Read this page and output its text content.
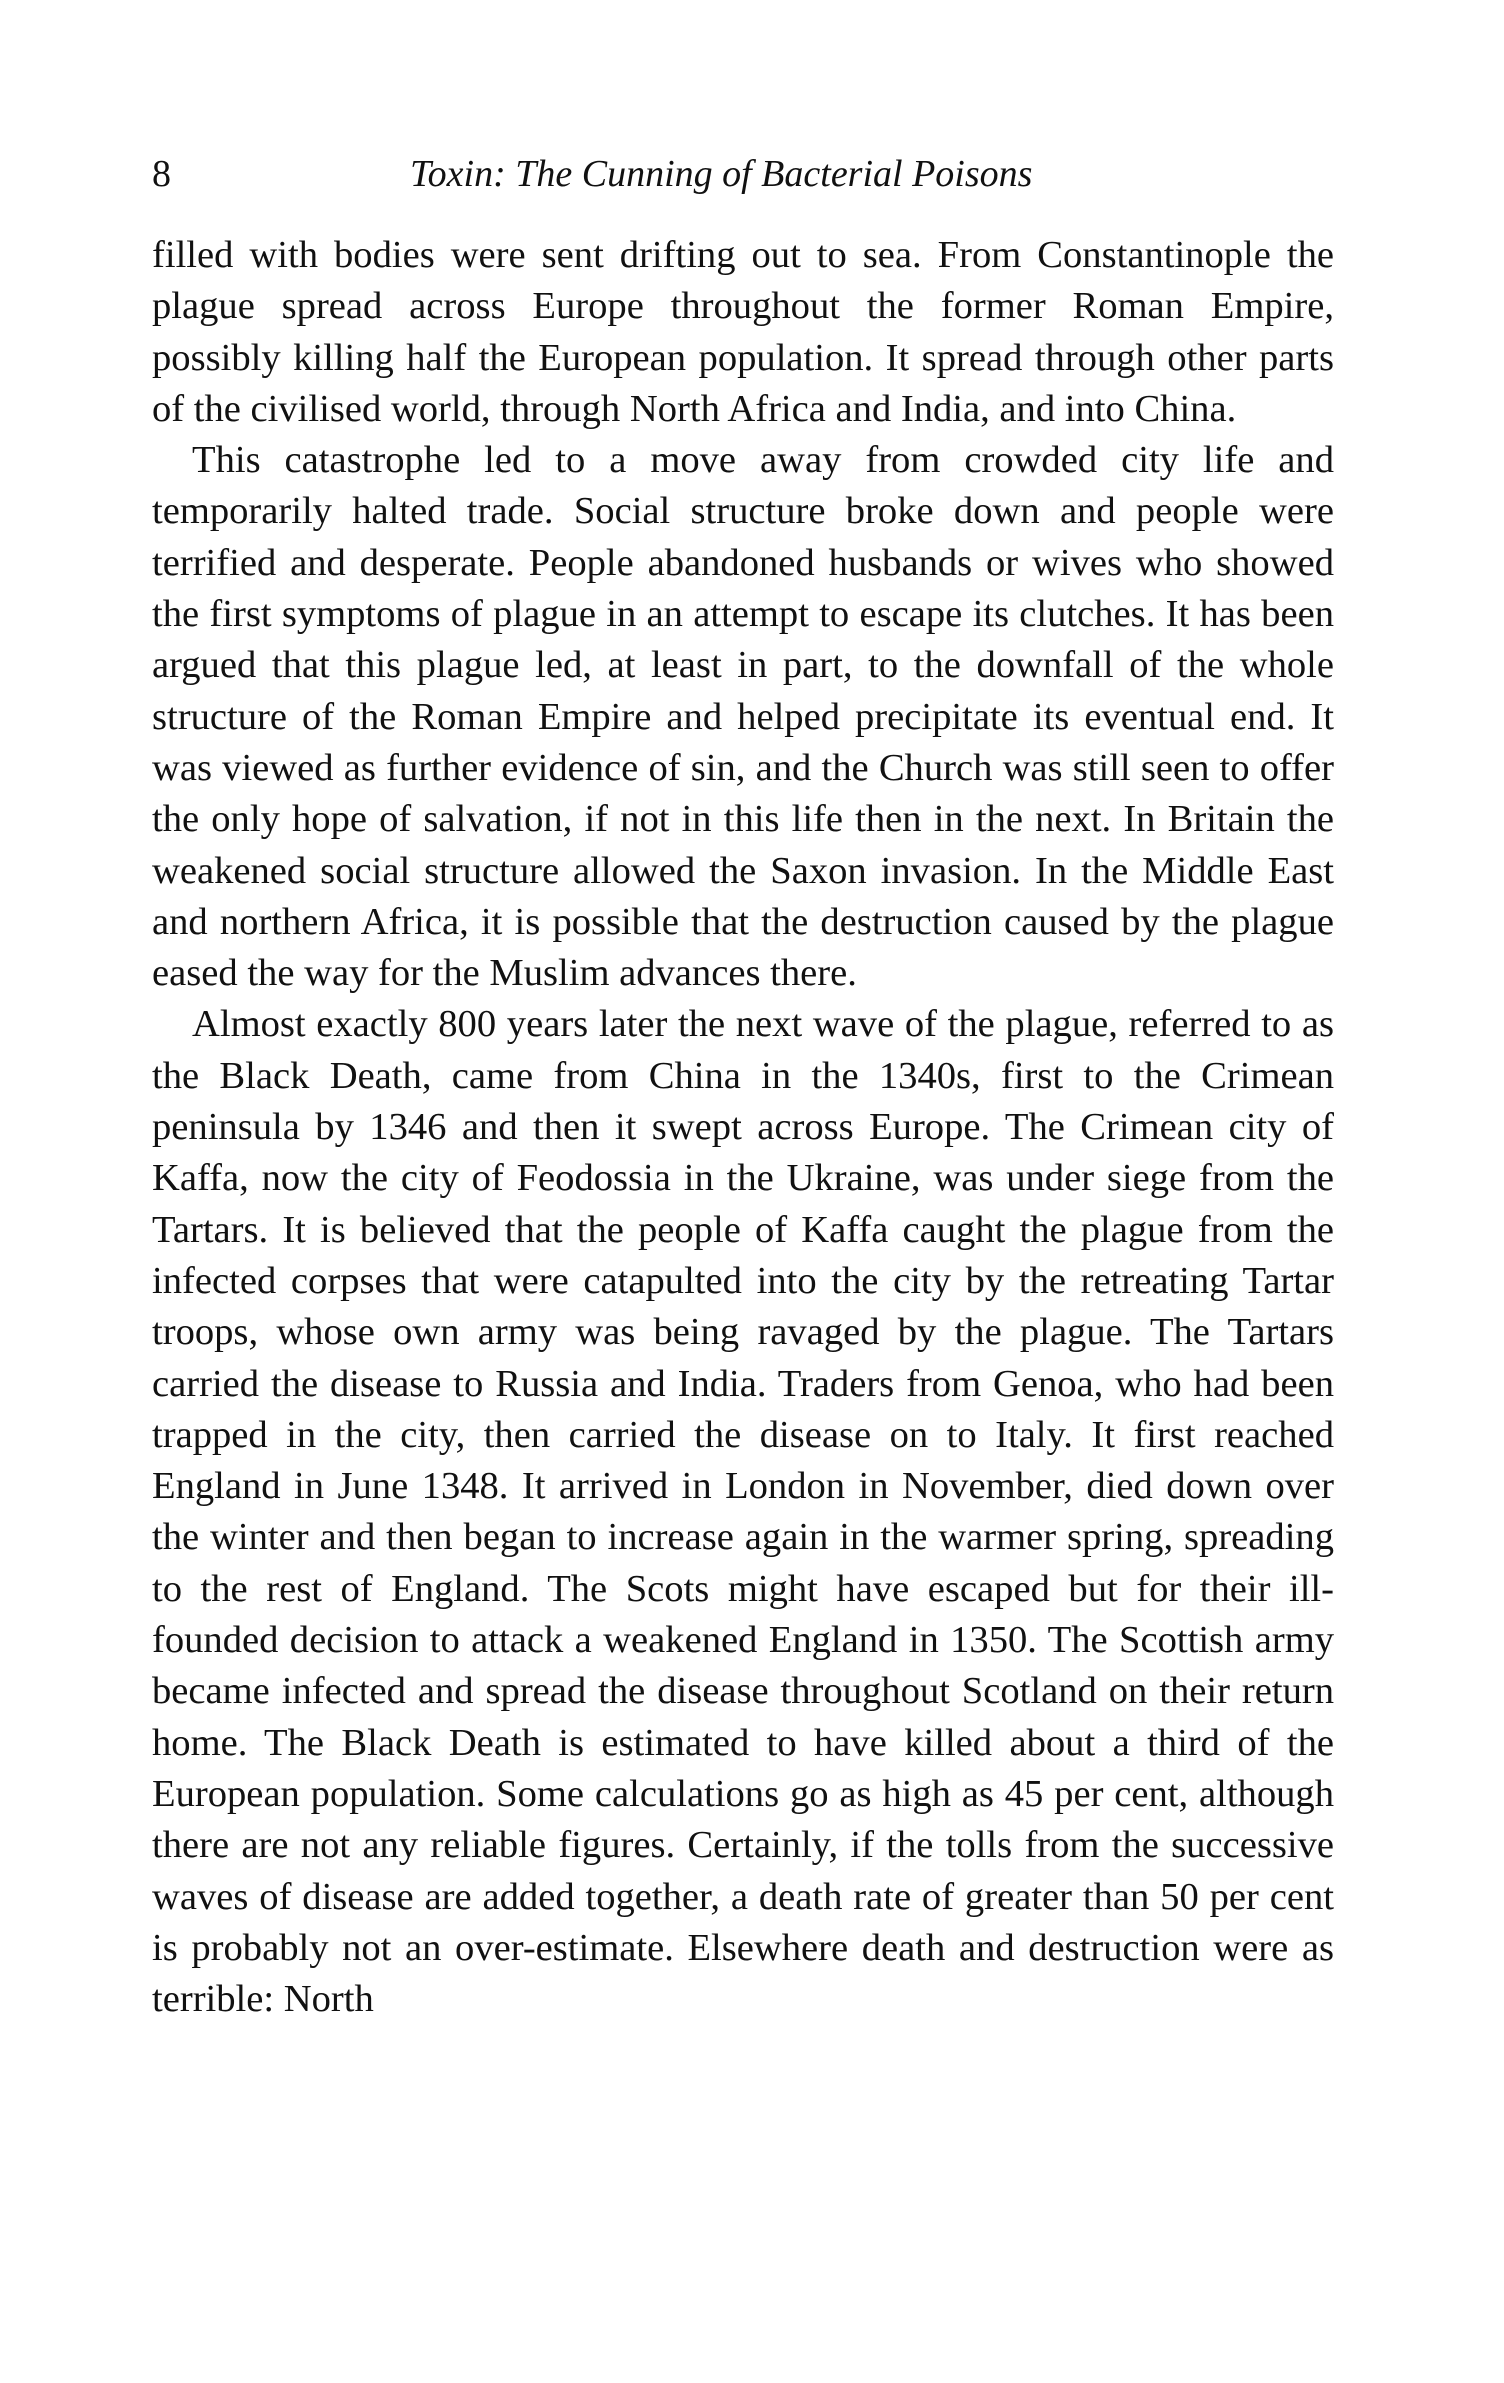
8	Toxin: The Cunning of Bacterial Poisons

filled with bodies were sent drifting out to sea. From Constantinople the plague spread across Europe throughout the former Roman Empire, possibly killing half the European population. It spread through other parts of the civilised world, through North Africa and India, and into China.

This catastrophe led to a move away from crowded city life and temporarily halted trade. Social structure broke down and people were terrified and desperate. People abandoned husbands or wives who showed the first symptoms of plague in an attempt to escape its clutches. It has been argued that this plague led, at least in part, to the downfall of the whole structure of the Roman Empire and helped precipitate its eventual end. It was viewed as further evidence of sin, and the Church was still seen to offer the only hope of salvation, if not in this life then in the next. In Britain the weakened social structure allowed the Saxon invasion. In the Middle East and northern Africa, it is possible that the destruction caused by the plague eased the way for the Muslim advances there.

Almost exactly 800 years later the next wave of the plague, referred to as the Black Death, came from China in the 1340s, first to the Crimean peninsula by 1346 and then it swept across Europe. The Crimean city of Kaffa, now the city of Feodossia in the Ukraine, was under siege from the Tartars. It is believed that the people of Kaffa caught the plague from the infected corpses that were catapulted into the city by the retreating Tartar troops, whose own army was being ravaged by the plague. The Tartars carried the disease to Russia and India. Traders from Genoa, who had been trapped in the city, then carried the disease on to Italy. It first reached England in June 1348. It arrived in London in November, died down over the winter and then began to increase again in the warmer spring, spreading to the rest of England. The Scots might have escaped but for their ill-founded decision to attack a weakened England in 1350. The Scottish army became infected and spread the disease throughout Scotland on their return home. The Black Death is estimated to have killed about a third of the European population. Some calculations go as high as 45 per cent, although there are not any reliable figures. Certainly, if the tolls from the successive waves of disease are added together, a death rate of greater than 50 per cent is probably not an over-estimate. Elsewhere death and destruction were as terrible: North
